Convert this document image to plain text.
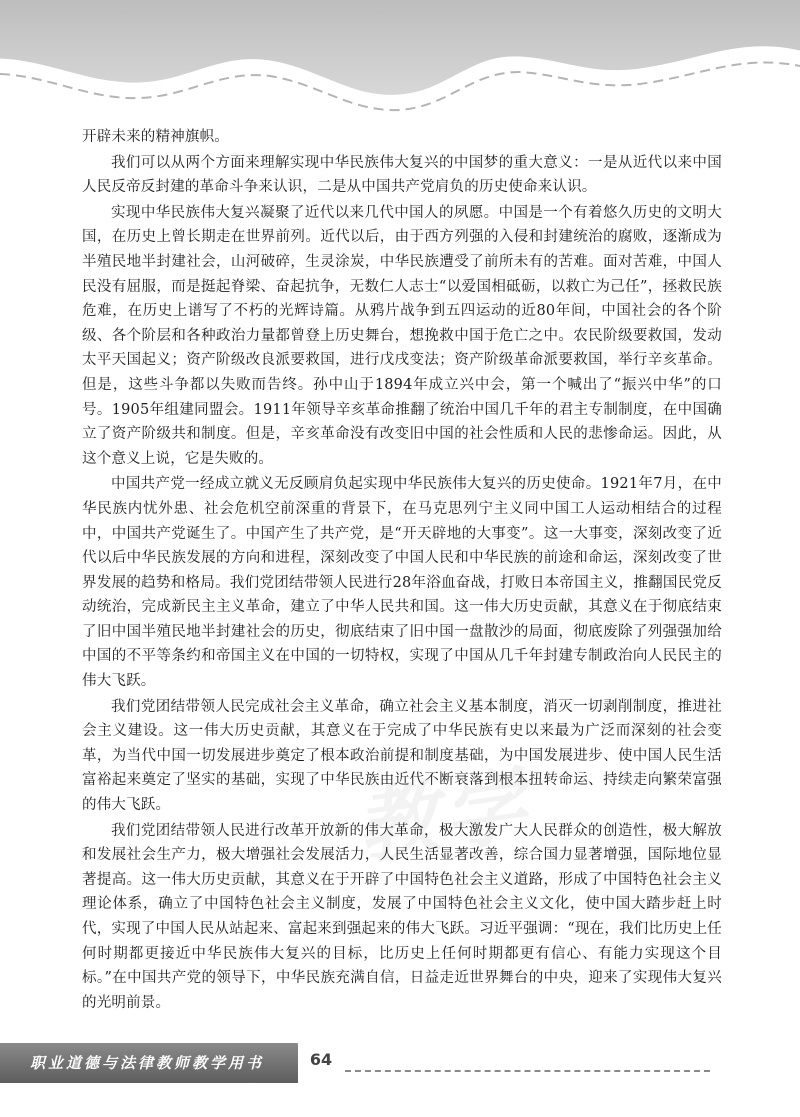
开辟未来的精神旗帜。

我们可以从两个方面来理解实现中华民族伟大复兴的中国梦的重大意义：一是从近代以来中国人民反帝反封建的革命斗争来认识，二是从中国共产党肩负的历史使命来认识。

实现中华民族伟大复兴凝聚了近代以来几代中国人的夙愿。中国是一个有着悠久历史的文明大国，在历史上曾长期走在世界前列。近代以后，由于西方列强的入侵和封建统治的腐败，逐渐成为半殖民地半封建社会，山河破碎，生灵涂炭，中华民族遭受了前所未有的苦难。面对苦难，中国人民没有屈服，而是挺起脊梁、奋起抗争，无数仁人志士“以爱国相砥砺，以救亡为己任”，拯救民族危难，在历史上谱写了不朽的光辉诗篇。从鸦片战争到五四运动的近80年间，中国社会的各个阶级、各个阶层和各种政治力量都曾登上历史舞台，想挽救中国于危亡之中。农民阶级要救国，发动太平天国起义；资产阶级改良派要救国，进行戊戌变法；资产阶级革命派要救国，举行辛亥革命。但是，这些斗争都以失败而告终。孙中山于1894年成立兴中会，第一个喊出了“振兴中华”的口号。1905年组建同盟会。1911年领导辛亥革命推翻了统治中国几千年的君主专制制度，在中国确立了资产阶级共和制度。但是，辛亥革命没有改变旧中国的社会性质和人民的悲惨命运。因此，从这个意义上说，它是失败的。

中国共产党一经成立就义无反顾肩负起实现中华民族伟大复兴的历史使命。1921年7月，在中华民族内忧外患、社会危机空前深重的背景下，在马克思列宁主义同中国工人运动相结合的过程中，中国共产党诞生了。中国产生了共产党，是“开天辟地的大事变”。这一大事变，深刻改变了近代以后中华民族发展的方向和进程，深刻改变了中国人民和中华民族的前途和命运，深刻改变了世界发展的趋势和格局。我们党团结带领人民进行28年浴血奋战，打败日本帝国主义，推翻国民党反动统治，完成新民主主义革命，建立了中华人民共和国。这一伟大历史贡献，其意义在于彻底结束了旧中国半殖民地半封建社会的历史，彻底结束了旧中国一盘散沙的局面，彻底废除了列强强加给中国的不平等条约和帝国主义在中国的一切特权，实现了中国从几千年封建专制政治向人民民主的伟大飞跃。

我们党团结带领人民完成社会主义革命，确立社会主义基本制度，消灭一切剥削制度，推进社会主义建设。这一伟大历史贡献，其意义在于完成了中华民族有史以来最为广泛而深刻的社会变革，为当代中国一切发展进步奠定了根本政治前提和制度基础，为中国发展进步、使中国人民生活富裕起来奠定了坚实的基础，实现了中华民族由近代不断衰落到根本扭转命运、持续走向繁荣富强的伟大飞跃。

我们党团结带领人民进行改革开放新的伟大革命，极大激发广大人民群众的创造性，极大解放和发展社会生产力，极大增强社会发展活力，人民生活显著改善，综合国力显著增强，国际地位显著提高。这一伟大历史贡献，其意义在于开辟了中国特色社会主义道路，形成了中国特色社会主义理论体系，确立了中国特色社会主义制度，发展了中国特色社会主义文化，使中国大踏步赶上时代，实现了中国人民从站起来、富起来到强起来的伟大飞跃。习近平强调：“现在，我们比历史上任何时期都更接近中华民族伟大复兴的目标，比历史上任何时期都更有信心、有能力实现这个目标。”在中国共产党的领导下，中华民族充满自信，日益走近世界舞台的中央，迎来了实现伟大复兴的光明前景。

职业道德与法律教师教学用书	64
